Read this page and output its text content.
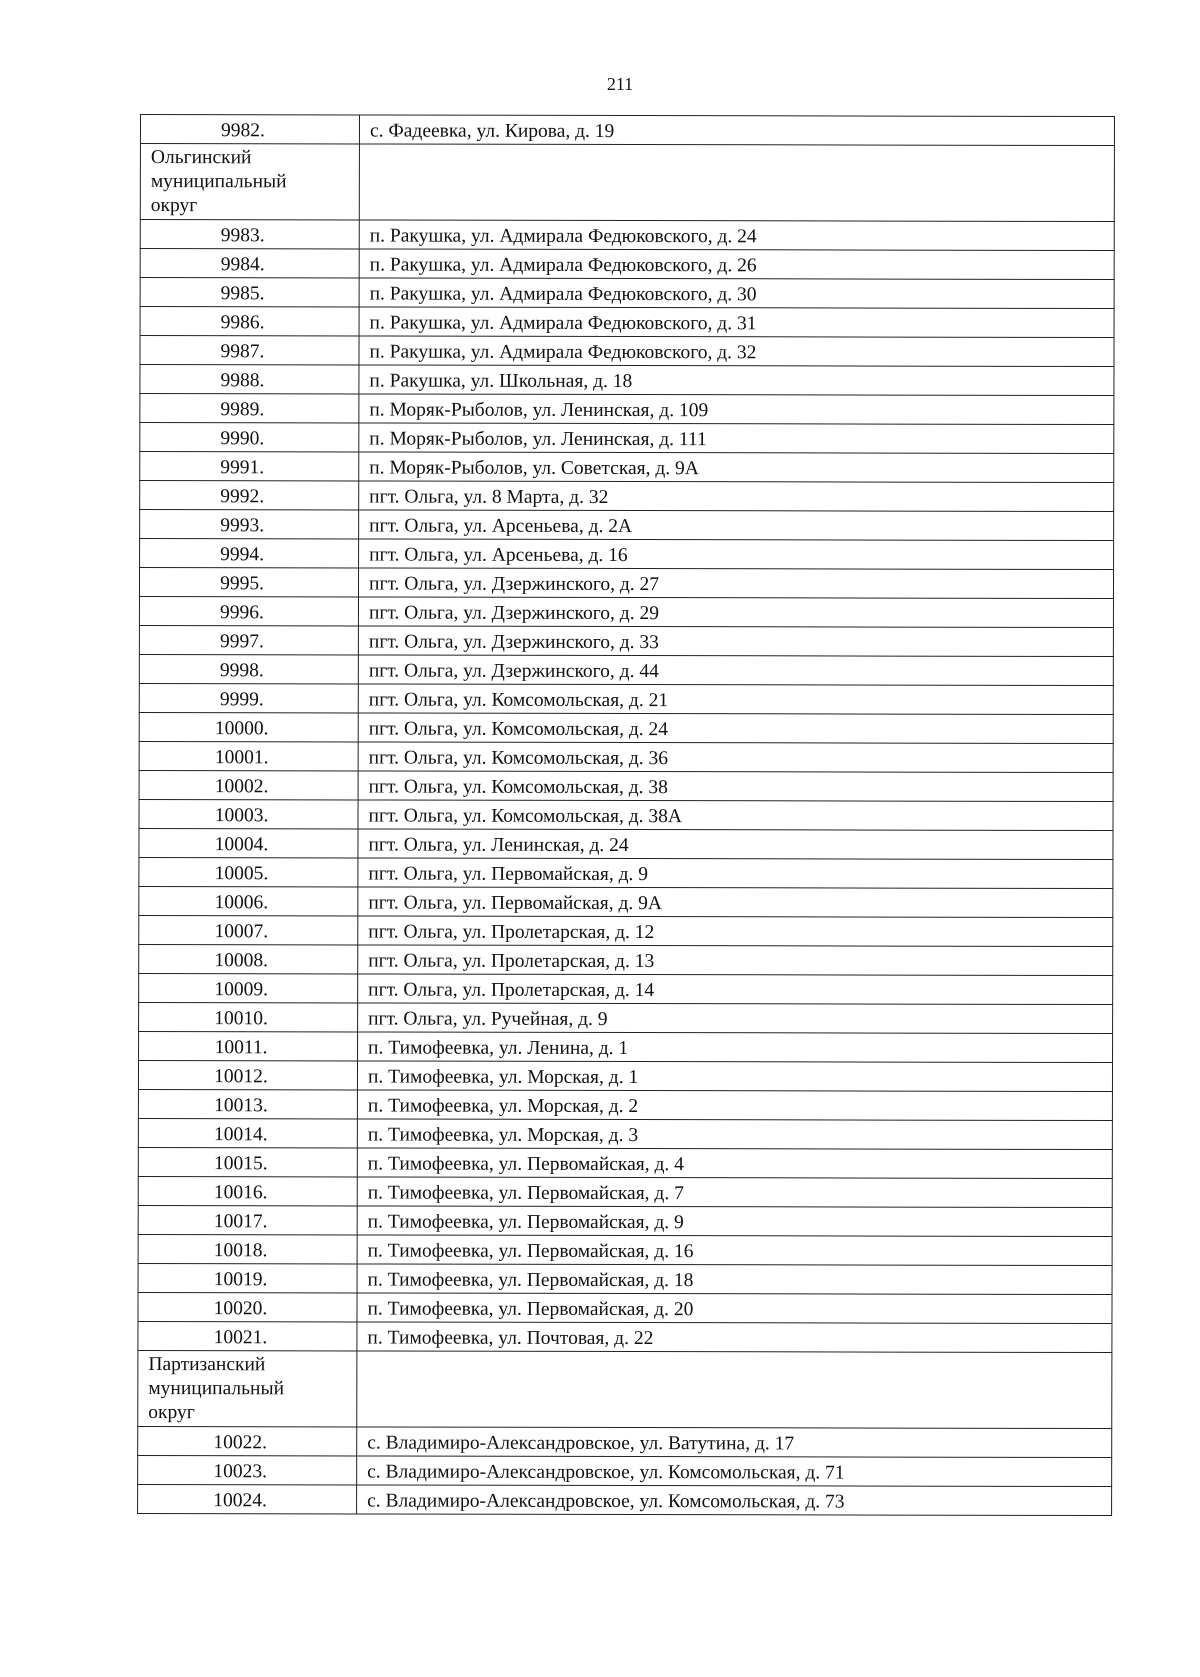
211
9982.	с. Фадеевка, ул. Кирова, д. 19

Ольгинский
муниципальный
округ	

9983.	п. Ракушка, ул. Адмирала Федюковского, д. 24
9984.	п. Ракушка, ул. Адмирала Федюковского, д. 26
9985.	п. Ракушка, ул. Адмирала Федюковского, д. 30
9986.	п. Ракушка, ул. Адмирала Федюковского, д. 31
9987.	п. Ракушка, ул. Адмирала Федюковского, д. 32
9988.	п. Ракушка, ул. Школьная, д. 18
9989.	п. Моряк-Рыболов, ул. Ленинская, д. 109
9990.	п. Моряк-Рыболов, ул. Ленинская, д. 111
9991.	п. Моряк-Рыболов, ул. Советская, д. 9А
9992.	пгт. Ольга, ул. 8 Марта, д. 32
9993.	пгт. Ольга, ул. Арсеньева, д. 2А
9994.	пгт. Ольга, ул. Арсеньева, д. 16
9995.	пгт. Ольга, ул. Дзержинского, д. 27
9996.	пгт. Ольга, ул. Дзержинского, д. 29
9997.	пгт. Ольга, ул. Дзержинского, д. 33
9998.	пгт. Ольга, ул. Дзержинского, д. 44
9999.	пгт. Ольга, ул. Комсомольская, д. 21
10000.	пгт. Ольга, ул. Комсомольская, д. 24
10001.	пгт. Ольга, ул. Комсомольская, д. 36
10002.	пгт. Ольга, ул. Комсомольская, д. 38
10003.	пгт. Ольга, ул. Комсомольская, д. 38А
10004.	пгт. Ольга, ул. Ленинская, д. 24
10005.	пгт. Ольга, ул. Первомайская, д. 9
10006.	пгт. Ольга, ул. Первомайская, д. 9А
10007.	пгт. Ольга, ул. Пролетарская, д. 12
10008.	пгт. Ольга, ул. Пролетарская, д. 13
10009.	пгт. Ольга, ул. Пролетарская, д. 14
10010.	пгт. Ольга, ул. Ручейная, д. 9
10011.	п. Тимофеевка, ул. Ленина, д. 1
10012.	п. Тимофеевка, ул. Морская, д. 1
10013.	п. Тимофеевка, ул. Морская, д. 2
10014.	п. Тимофеевка, ул. Морская, д. 3
10015.	п. Тимофеевка, ул. Первомайская, д. 4
10016.	п. Тимофеевка, ул. Первомайская, д. 7
10017.	п. Тимофеевка, ул. Первомайская, д. 9
10018.	п. Тимофеевка, ул. Первомайская, д. 16
10019.	п. Тимофеевка, ул. Первомайская, д. 18
10020.	п. Тимофеевка, ул. Первомайская, д. 20
10021.	п. Тимофеевка, ул. Почтовая, д. 22

Партизанский
муниципальный
округ	

10022.	с. Владимиро-Александровское, ул. Ватутина, д. 17
10023.	с. Владимиро-Александровское, ул. Комсомольская, д. 71
10024.	с. Владимиро-Александровское, ул. Комсомольская, д. 73
